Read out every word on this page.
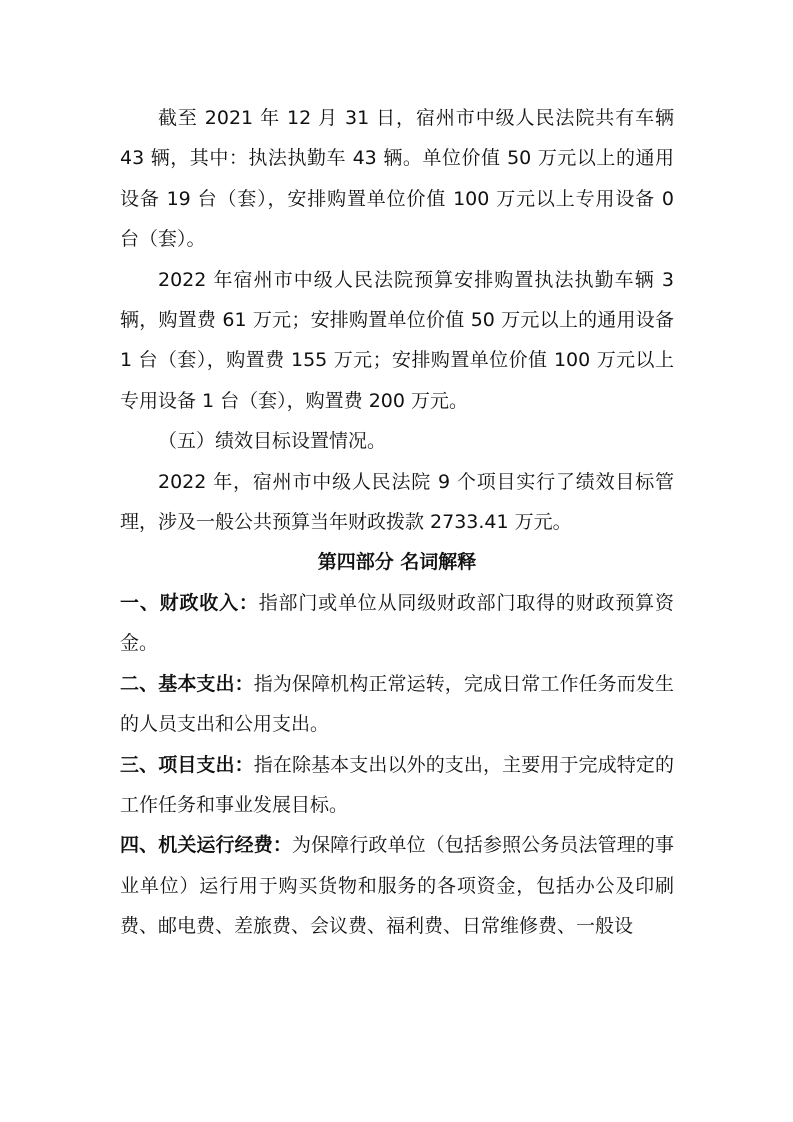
截至 2021 年 12 月 31 日，宿州市中级人民法院共有车辆 43 辆，其中：执法执勤车 43 辆。单位价值 50 万元以上的通用设备 19 台（套），安排购置单位价值 100 万元以上专用设备 0 台（套）。

2022 年宿州市中级人民法院预算安排购置执法执勤车辆 3 辆，购置费 61 万元；安排购置单位价值 50 万元以上的通用设备 1 台（套），购置费 155 万元；安排购置单位价值 100 万元以上专用设备 1 台（套），购置费 200 万元。

（五）绩效目标设置情况。

2022 年，宿州市中级人民法院 9 个项目实行了绩效目标管理，涉及一般公共预算当年财政拨款 2733.41 万元。

第四部分 名词解释

一、财政收入：指部门或单位从同级财政部门取得的财政预算资金。

二、基本支出：指为保障机构正常运转，完成日常工作任务而发生的人员支出和公用支出。

三、项目支出：指在除基本支出以外的支出，主要用于完成特定的工作任务和事业发展目标。

四、机关运行经费：为保障行政单位（包括参照公务员法管理的事业单位）运行用于购买货物和服务的各项资金，包括办公及印刷费、邮电费、差旅费、会议费、福利费、日常维修费、一般设
